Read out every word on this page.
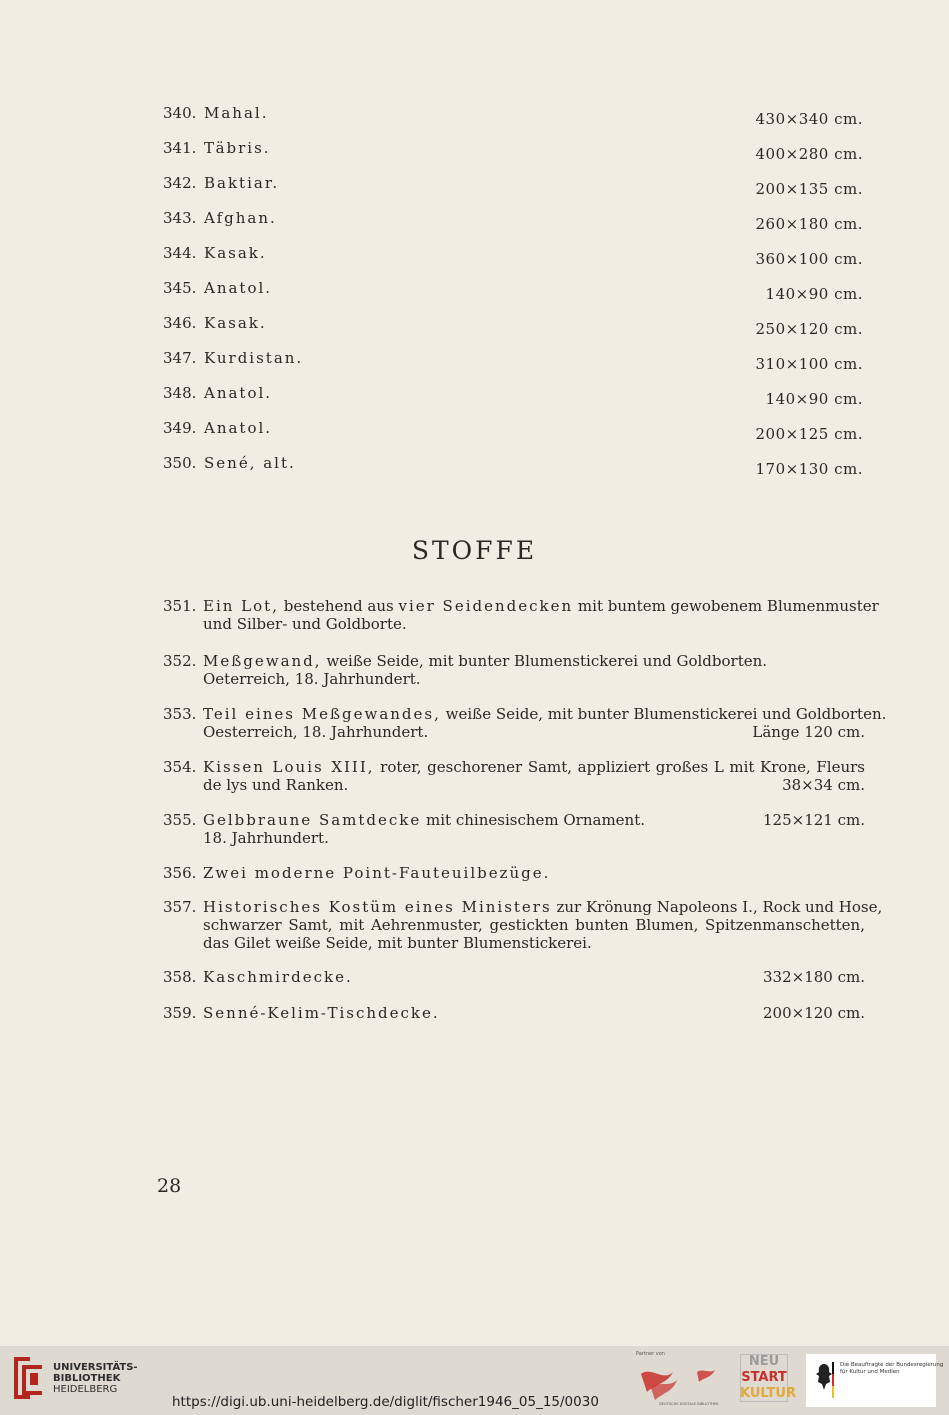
340. Mahal.	430×340 cm.
341. Täbris.	400×280 cm.
342. Baktiar.	200×135 cm.
343. Afghan.	260×180 cm.
344. Kasak.	360×100 cm.
345. Anatol.	140×90 cm.
346. Kasak.	250×120 cm.
347. Kurdistan.	310×100 cm.
348. Anatol.	140×90 cm.
349. Anatol.	200×125 cm.
350. Sené, alt.	170×130 cm.
STOFFE
351. Ein Lot, bestehend aus vier Seidendecken mit buntem gewobenem Blumenmuster
und Silber- und Goldborte.
352. Meßgewand, weiße Seide, mit bunter Blumenstickerei und Goldborten.
Oeterreich, 18. Jahrhundert.
353. Teil eines Meßgewandes, weiße Seide, mit bunter Blumenstickerei und Goldborten.
Oesterreich, 18. Jahrhundert.	Länge 120 cm.
354. Kissen Louis XIII, roter, geschorener Samt, appliziert großes L mit Krone, Fleurs
de lys und Ranken.	38×34 cm.
355. Gelbbraune Samtdecke mit chinesischem Ornament.	125×121 cm.
18. Jahrhundert.
356. Zwei moderne Point-Fauteuilbezüge.
357. Historisches Kostüm eines Ministers zur Krönung Napoleons I., Rock und Hose,
schwarzer Samt, mit Aehrenmuster, gestickten bunten Blumen, Spitzenmanschetten,
das Gilet weiße Seide, mit bunter Blumenstickerei.
358. Kaschmirdecke.	332×180 cm.
359. Senné-Kelim-Tischdecke.	200×120 cm.
28
UNIVERSITÄTS-
BIBLIOTHEK
HEIDELBERG
https://digi.ub.uni-heidelberg.de/diglit/fischer1946_05_15/0030
Partner von
DEUTSCHE DIGITALE BIBLIOTHEK
NEU
START
KULTUR
Die Beauftragte der Bundesregierung
für Kultur und Medien
